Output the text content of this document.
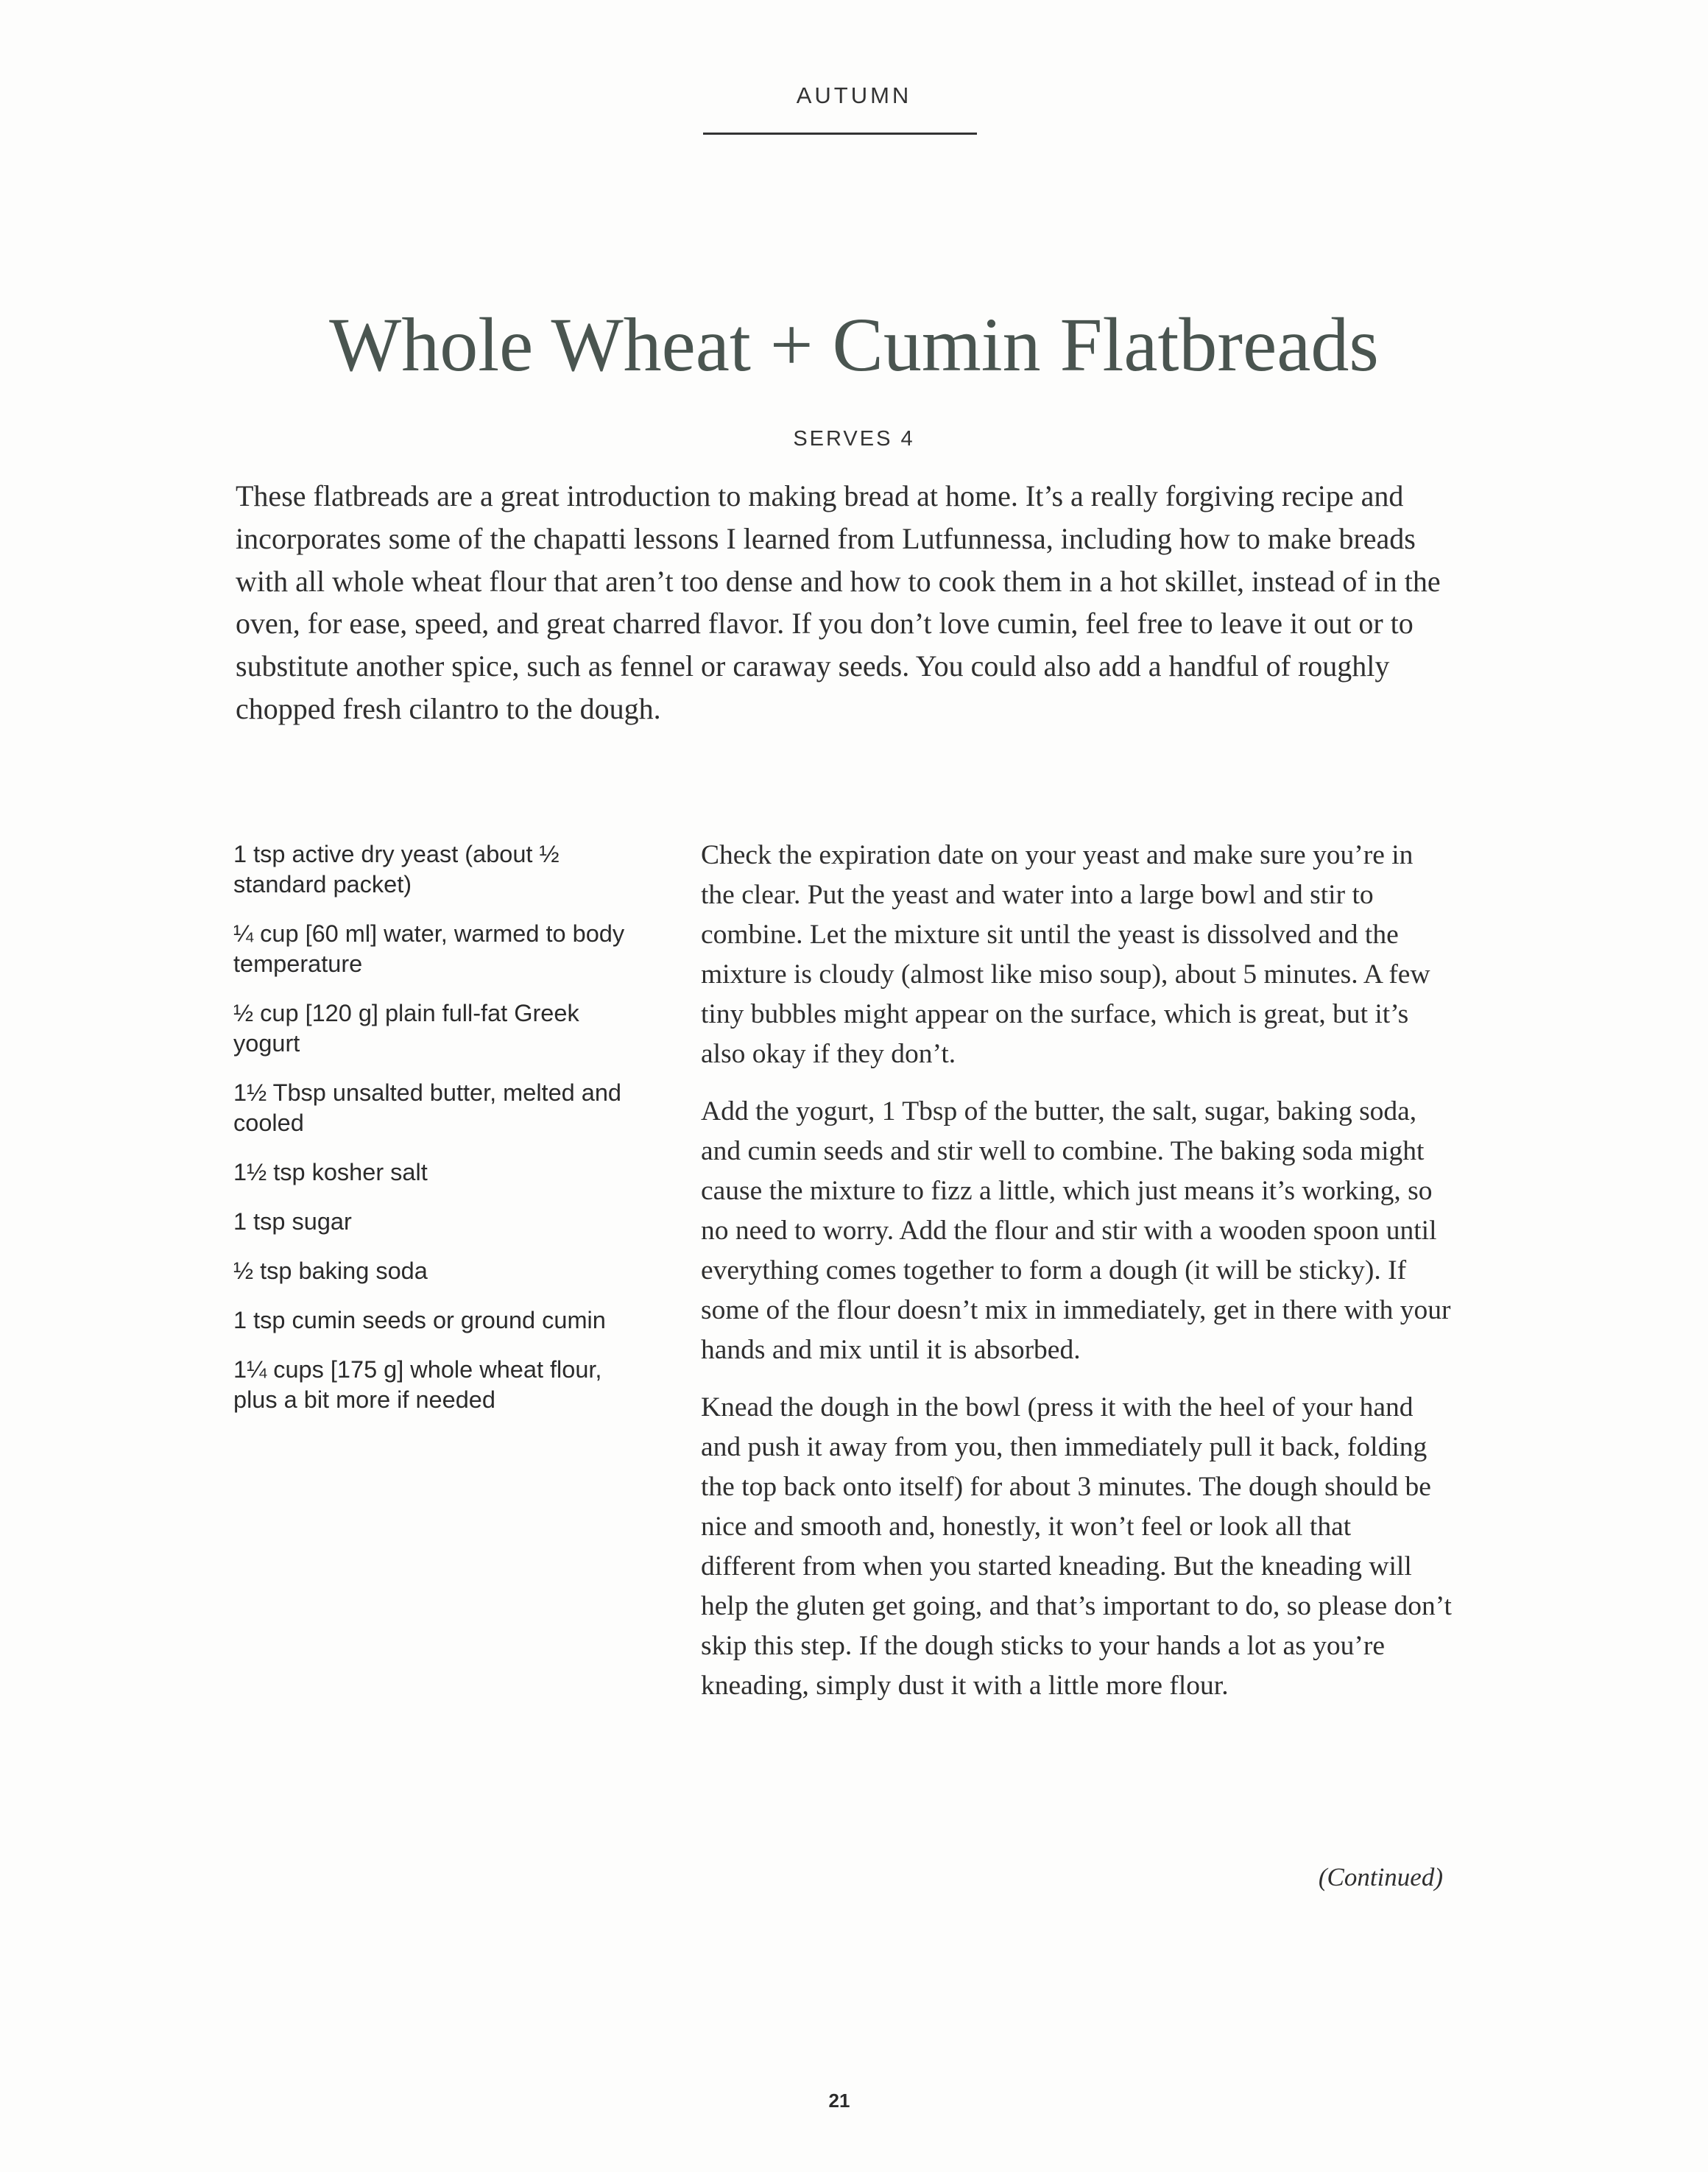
AUTUMN
Whole Wheat + Cumin Flatbreads
SERVES 4

These flatbreads are a great introduction to making bread at home. It’s a really forgiving recipe and incorporates some of the chapatti lessons I learned from Lutfunnessa, including how to make breads with all whole wheat flour that aren’t too dense and how to cook them in a hot skillet, instead of in the oven, for ease, speed, and great charred flavor. If you don’t love cumin, feel free to leave it out or to substitute another spice, such as fennel or caraway seeds. You could also add a handful of roughly chopped fresh cilantro to the dough.

1 tsp active dry yeast (about ½ standard packet)
¼ cup [60 ml] water, warmed to body temperature
½ cup [120 g] plain full-fat Greek yogurt
1½ Tbsp unsalted butter, melted and cooled
1½ tsp kosher salt
1 tsp sugar
½ tsp baking soda
1 tsp cumin seeds or ground cumin
1¼ cups [175 g] whole wheat flour, plus a bit more if needed

Check the expiration date on your yeast and make sure you’re in the clear. Put the yeast and water into a large bowl and stir to combine. Let the mixture sit until the yeast is dissolved and the mixture is cloudy (almost like miso soup), about 5 minutes. A few tiny bubbles might appear on the surface, which is great, but it’s also okay if they don’t.

Add the yogurt, 1 Tbsp of the butter, the salt, sugar, baking soda, and cumin seeds and stir well to combine. The baking soda might cause the mixture to fizz a little, which just means it’s working, so no need to worry. Add the flour and stir with a wooden spoon until everything comes together to form a dough (it will be sticky). If some of the flour doesn’t mix in immediately, get in there with your hands and mix until it is absorbed.

Knead the dough in the bowl (press it with the heel of your hand and push it away from you, then immediately pull it back, folding the top back onto itself) for about 3 minutes. The dough should be nice and smooth and, honestly, it won’t feel or look all that different from when you started kneading. But the kneading will help the gluten get going, and that’s important to do, so please don’t skip this step. If the dough sticks to your hands a lot as you’re kneading, simply dust it with a little more flour.

(Continued)
21
